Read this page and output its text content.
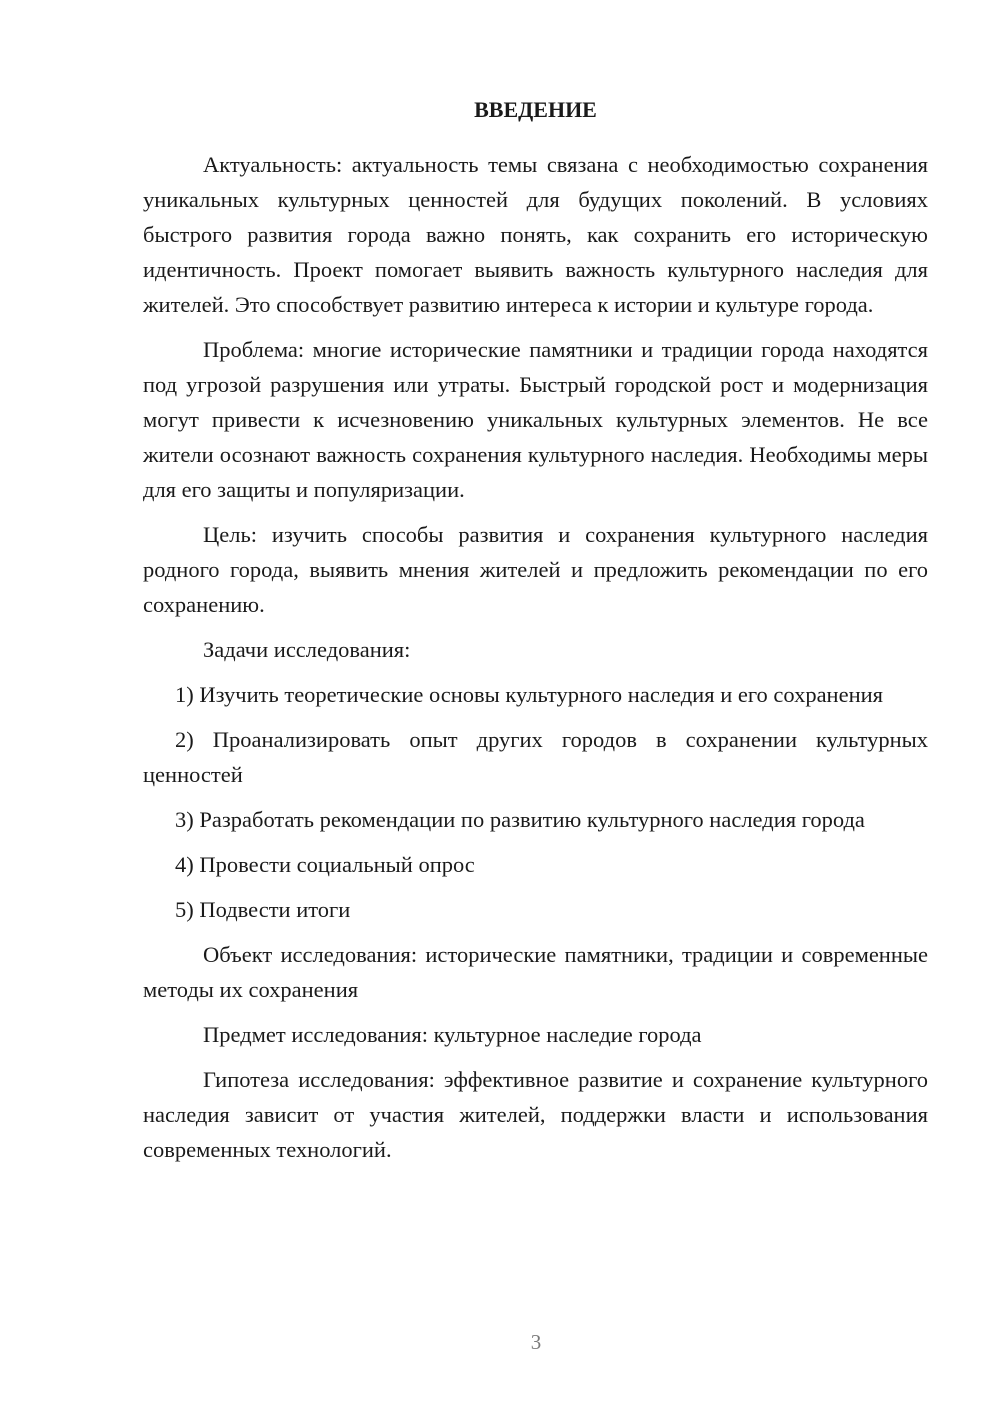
ВВЕДЕНИЕ

Актуальность: актуальность темы связана с необходимостью сохранения уникальных культурных ценностей для будущих поколений. В условиях быстрого развития города важно понять, как сохранить его историческую идентичность. Проект помогает выявить важность культурного наследия для жителей. Это способствует развитию интереса к истории и культуре города.

Проблема: многие исторические памятники и традиции города находятся под угрозой разрушения или утраты. Быстрый городской рост и модернизация могут привести к исчезновению уникальных культурных элементов. Не все жители осознают важность сохранения культурного наследия. Необходимы меры для его защиты и популяризации.

Цель: изучить способы развития и сохранения культурного наследия родного города, выявить мнения жителей и предложить рекомендации по его сохранению.

Задачи исследования:

1) Изучить теоретические основы культурного наследия и его сохранения

2) Проанализировать опыт других городов в сохранении культурных ценностей

3) Разработать рекомендации по развитию культурного наследия города

4) Провести социальный опрос

5) Подвести итоги

Объект исследования: исторические памятники, традиции и современные методы их сохранения

Предмет исследования: культурное наследие города

Гипотеза исследования: эффективное развитие и сохранение культурного наследия зависит от участия жителей, поддержки власти и использования современных технологий.

3
